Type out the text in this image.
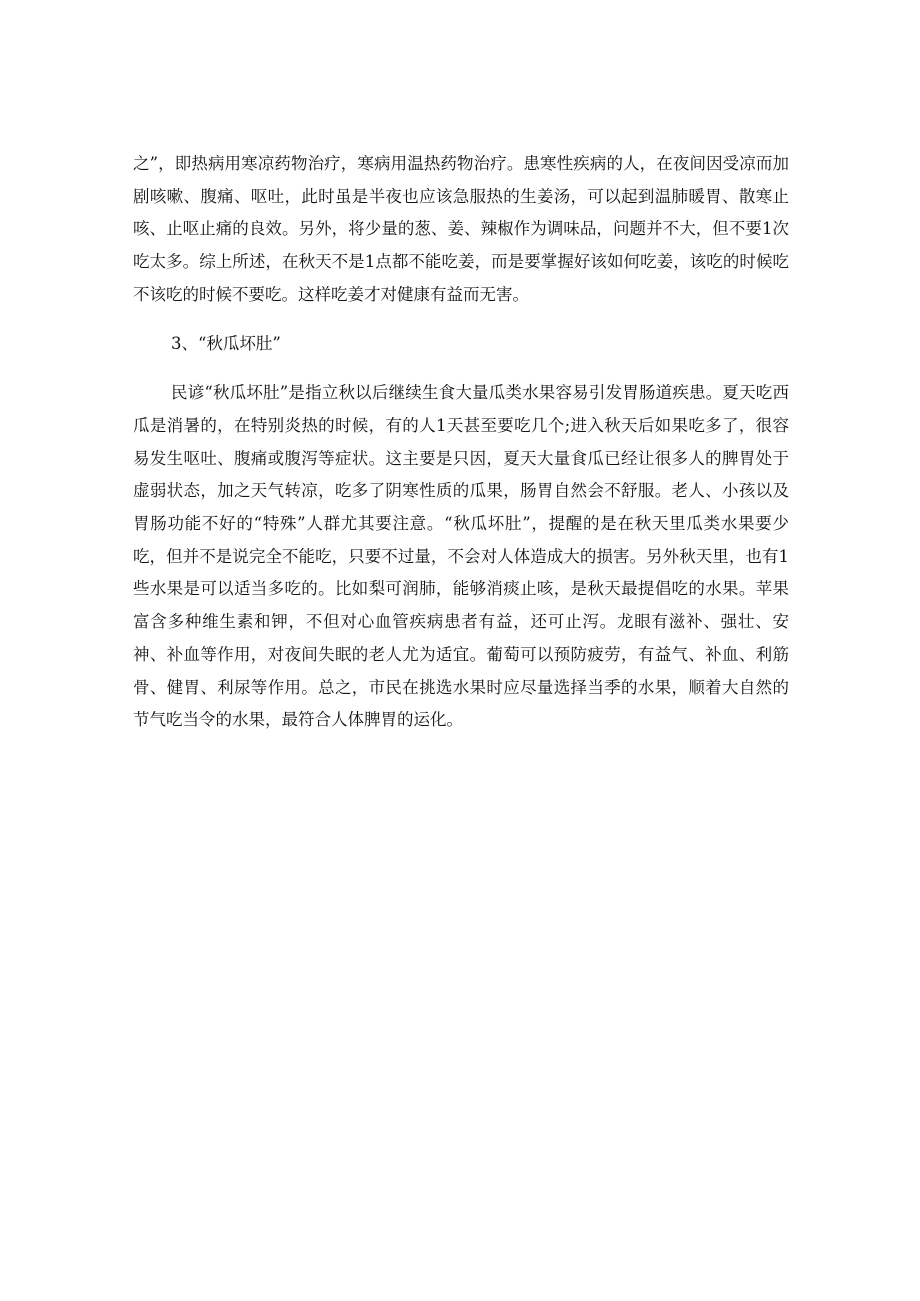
之”，即热病用寒凉药物治疗，寒病用温热药物治疗。患寒性疾病的人，在夜间因受凉而加剧咳嗽、腹痛、呕吐，此时虽是半夜也应该急服热的生姜汤，可以起到温肺暖胃、散寒止咳、止呕止痛的良效。另外，将少量的葱、姜、辣椒作为调味品，问题并不大，但不要1次吃太多。综上所述，在秋天不是1点都不能吃姜，而是要掌握好该如何吃姜，该吃的时候吃不该吃的时候不要吃。这样吃姜才对健康有益而无害。

3、“秋瓜坏肚”

民谚“秋瓜坏肚”是指立秋以后继续生食大量瓜类水果容易引发胃肠道疾患。夏天吃西瓜是消暑的，在特别炎热的时候，有的人1天甚至要吃几个;进入秋天后如果吃多了，很容易发生呕吐、腹痛或腹泻等症状。这主要是只因，夏天大量食瓜已经让很多人的脾胃处于虚弱状态，加之天气转凉，吃多了阴寒性质的瓜果，肠胃自然会不舒服。老人、小孩以及胃肠功能不好的“特殊”人群尤其要注意。“秋瓜坏肚”，提醒的是在秋天里瓜类水果要少吃，但并不是说完全不能吃，只要不过量，不会对人体造成大的损害。另外秋天里，也有1些水果是可以适当多吃的。比如梨可润肺，能够消痰止咳，是秋天最提倡吃的水果。苹果富含多种维生素和钾，不但对心血管疾病患者有益，还可止泻。龙眼有滋补、强壮、安神、补血等作用，对夜间失眠的老人尤为适宜。葡萄可以预防疲劳，有益气、补血、利筋骨、健胃、利尿等作用。总之，市民在挑选水果时应尽量选择当季的水果，顺着大自然的节气吃当令的水果，最符合人体脾胃的运化。
